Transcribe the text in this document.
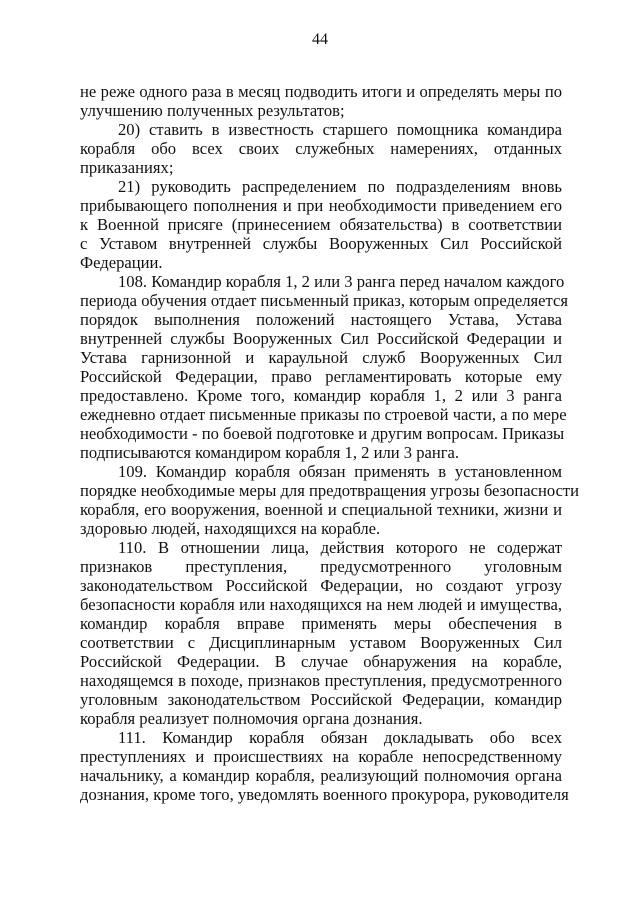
44
не реже одного раза в месяц подводить итоги и определять меры по
улучшению полученных результатов;
20) ставить в известность старшего помощника командира
корабля обо всех своих служебных намерениях, отданных
приказаниях;
21) руководить распределением по подразделениям вновь
прибывающего пополнения и при необходимости приведением его
к Военной присяге (принесением обязательства) в соответствии
с Уставом внутренней службы Вооруженных Сил Российской
Федерации.
108. Командир корабля 1, 2 или 3 ранга перед началом каждого
периода обучения отдает письменный приказ, которым определяется
порядок выполнения положений настоящего Устава, Устава
внутренней службы Вооруженных Сил Российской Федерации и
Устава гарнизонной и караульной служб Вооруженных Сил
Российской Федерации, право регламентировать которые ему
предоставлено. Кроме того, командир корабля 1, 2 или 3 ранга
ежедневно отдает письменные приказы по строевой части, а по мере
необходимости - по боевой подготовке и другим вопросам. Приказы
подписываются командиром корабля 1, 2 или 3 ранга.
109. Командир корабля обязан применять в установленном
порядке необходимые меры для предотвращения угрозы безопасности
корабля, его вооружения, военной и специальной техники, жизни и
здоровью людей, находящихся на корабле.
110. В отношении лица, действия которого не содержат
признаков преступления, предусмотренного уголовным
законодательством Российской Федерации, но создают угрозу
безопасности корабля или находящихся на нем людей и имущества,
командир корабля вправе применять меры обеспечения в
соответствии с Дисциплинарным уставом Вооруженных Сил
Российской Федерации. В случае обнаружения на корабле,
находящемся в походе, признаков преступления, предусмотренного
уголовным законодательством Российской Федерации, командир
корабля реализует полномочия органа дознания.
111. Командир корабля обязан докладывать обо всех
преступлениях и происшествиях на корабле непосредственному
начальнику, а командир корабля, реализующий полномочия органа
дознания, кроме того, уведомлять военного прокурора, руководителя
